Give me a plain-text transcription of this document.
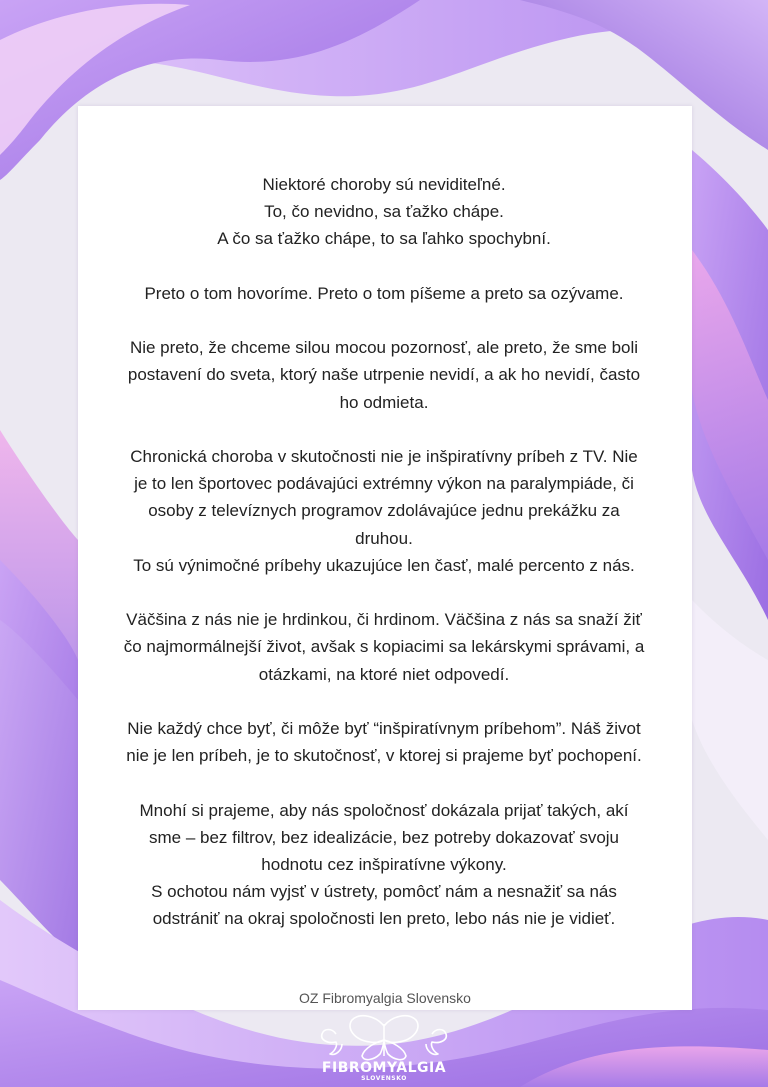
Niektoré choroby sú neviditeľné.
To, čo nevidno, sa ťažko chápe.
A čo sa ťažko chápe, to sa ľahko spochybní.

Preto o tom hovoríme. Preto o tom píšeme a preto sa ozývame.

Nie preto, že chceme silou mocou pozornosť, ale preto, že sme boli
postavení do sveta, ktorý naše utrpenie nevidí, a ak ho nevidí, často
ho odmieta.

Chronická choroba v skutočnosti nie je inšpiratívny príbeh z TV. Nie
je to len športovec podávajúci extrémny výkon na paralympiáde, či
osoby z televíznych programov zdolávajúce jednu prekážku za
druhou.
To sú výnimočné príbehy ukazujúce len časť, malé percento z nás.

Väčšina z nás nie je hrdinkou, či hrdinom. Väčšina z nás sa snaží žiť
čo najmormálnejší život, avšak s kopiacimi sa lekárskymi správami, a
otázkami, na ktoré niet odpovedí.

Nie každý chce byť, či môže byť “inšpiratívnym príbehom”. Náš život
nie je len príbeh, je to skutočnosť, v ktorej si prajeme byť pochopení.

Mnohí si prajeme, aby nás spoločnosť dokázala prijať takých, akí
sme – bez filtrov, bez idealizácie, bez potreby dokazovať svoju
hodnotu cez inšpiratívne výkony.
S ochotou nám vyjsť v ústrety, pomôcť nám a nesnažiť sa nás
odstrániť na okraj spoločnosti len preto, lebo nás nie je vidieť.

OZ Fibromyalgia Slovensko
FIBROMYALGIA
SLOVENSKO
